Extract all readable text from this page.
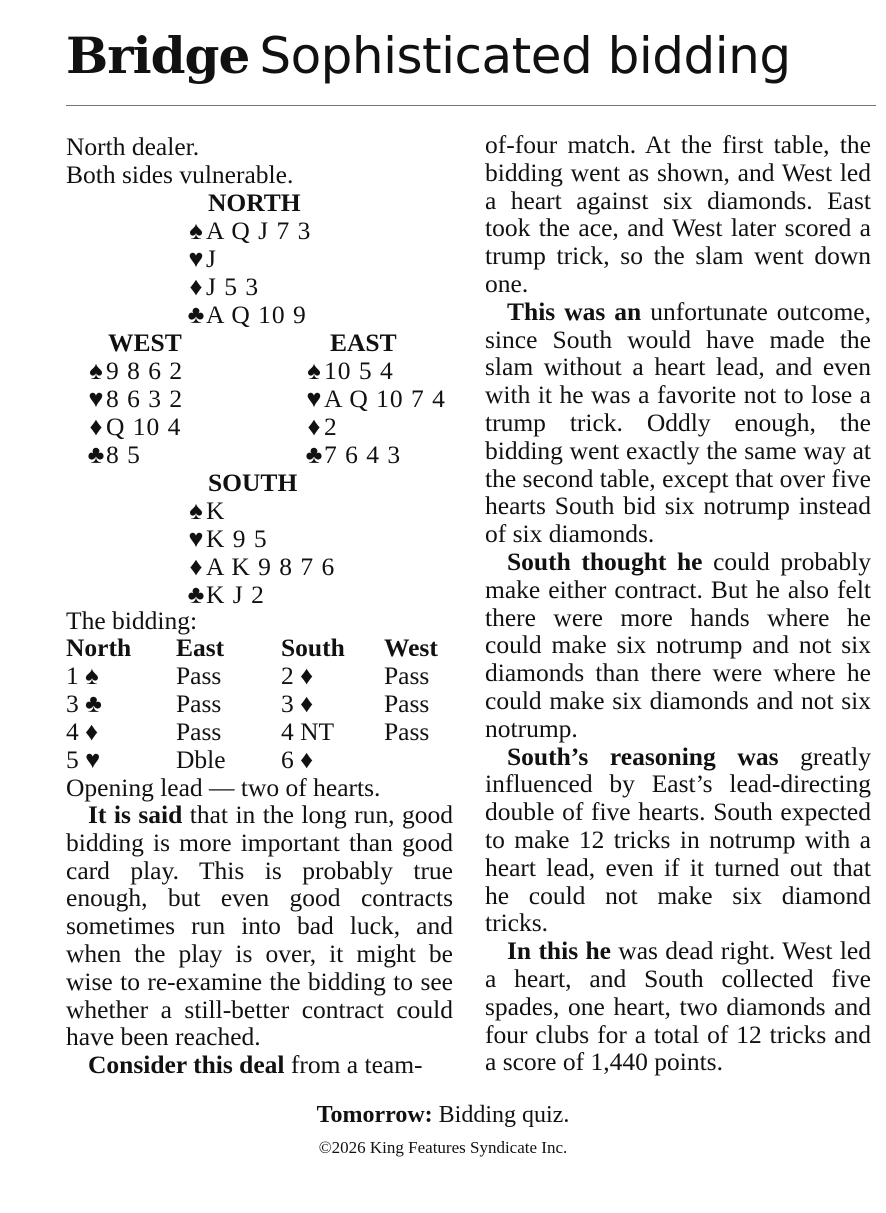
Bridge Sophisticated bidding
North dealer.
Both sides vulnerable.
NORTH
♠ A Q J 7 3
♥J
♦ J 5 3
♣A Q 10 9
WEST
♠ 9 8 6 2
♥8 6 3 2
♦ Q 10 4
♣8 5
EAST
♠ 10 5 4
♥A Q 10 7 4
♦ 2
♣7 6 4 3
SOUTH
♠ K
♥K 9 5
♦ A K 9 8 7 6
♣K J 2
The bidding:
North	East	South	West
1 ♠	Pass	2 ♦	Pass
3 ♣	Pass	3 ♦	Pass
4 ♦	Pass	4 NT	Pass
5 ♥	Dble	6 ♦	
Opening lead — two of hearts.

It is said that in the long run, good bidding is more important than good card play. This is probably true enough, but even good contracts sometimes run into bad luck, and when the play is over, it might be wise to re-examine the bidding to see whether a still-better contract could have been reached.

Consider this deal from a team-

of-four match. At the first table, the bidding went as shown, and West led a heart against six diamonds. East took the ace, and West later scored a trump trick, so the slam went down one.

This was an unfortunate outcome, since South would have made the slam without a heart lead, and even with it he was a favorite not to lose a trump trick. Oddly enough, the bidding went exactly the same way at the second table, except that over five hearts South bid six notrump instead of six diamonds.

South thought he could probably make either contract. But he also felt there were more hands where he could make six notrump and not six diamonds than there were where he could make six diamonds and not six notrump.

South’s reasoning was greatly influenced by East’s lead-directing double of five hearts. South expected to make 12 tricks in notrump with a heart lead, even if it turned out that he could not make six diamond tricks.

In this he was dead right. West led a heart, and South collected five spades, one heart, two diamonds and four clubs for a total of 12 tricks and a score of 1,440 points.

Tomorrow: Bidding quiz.
©2026 King Features Syndicate Inc.
